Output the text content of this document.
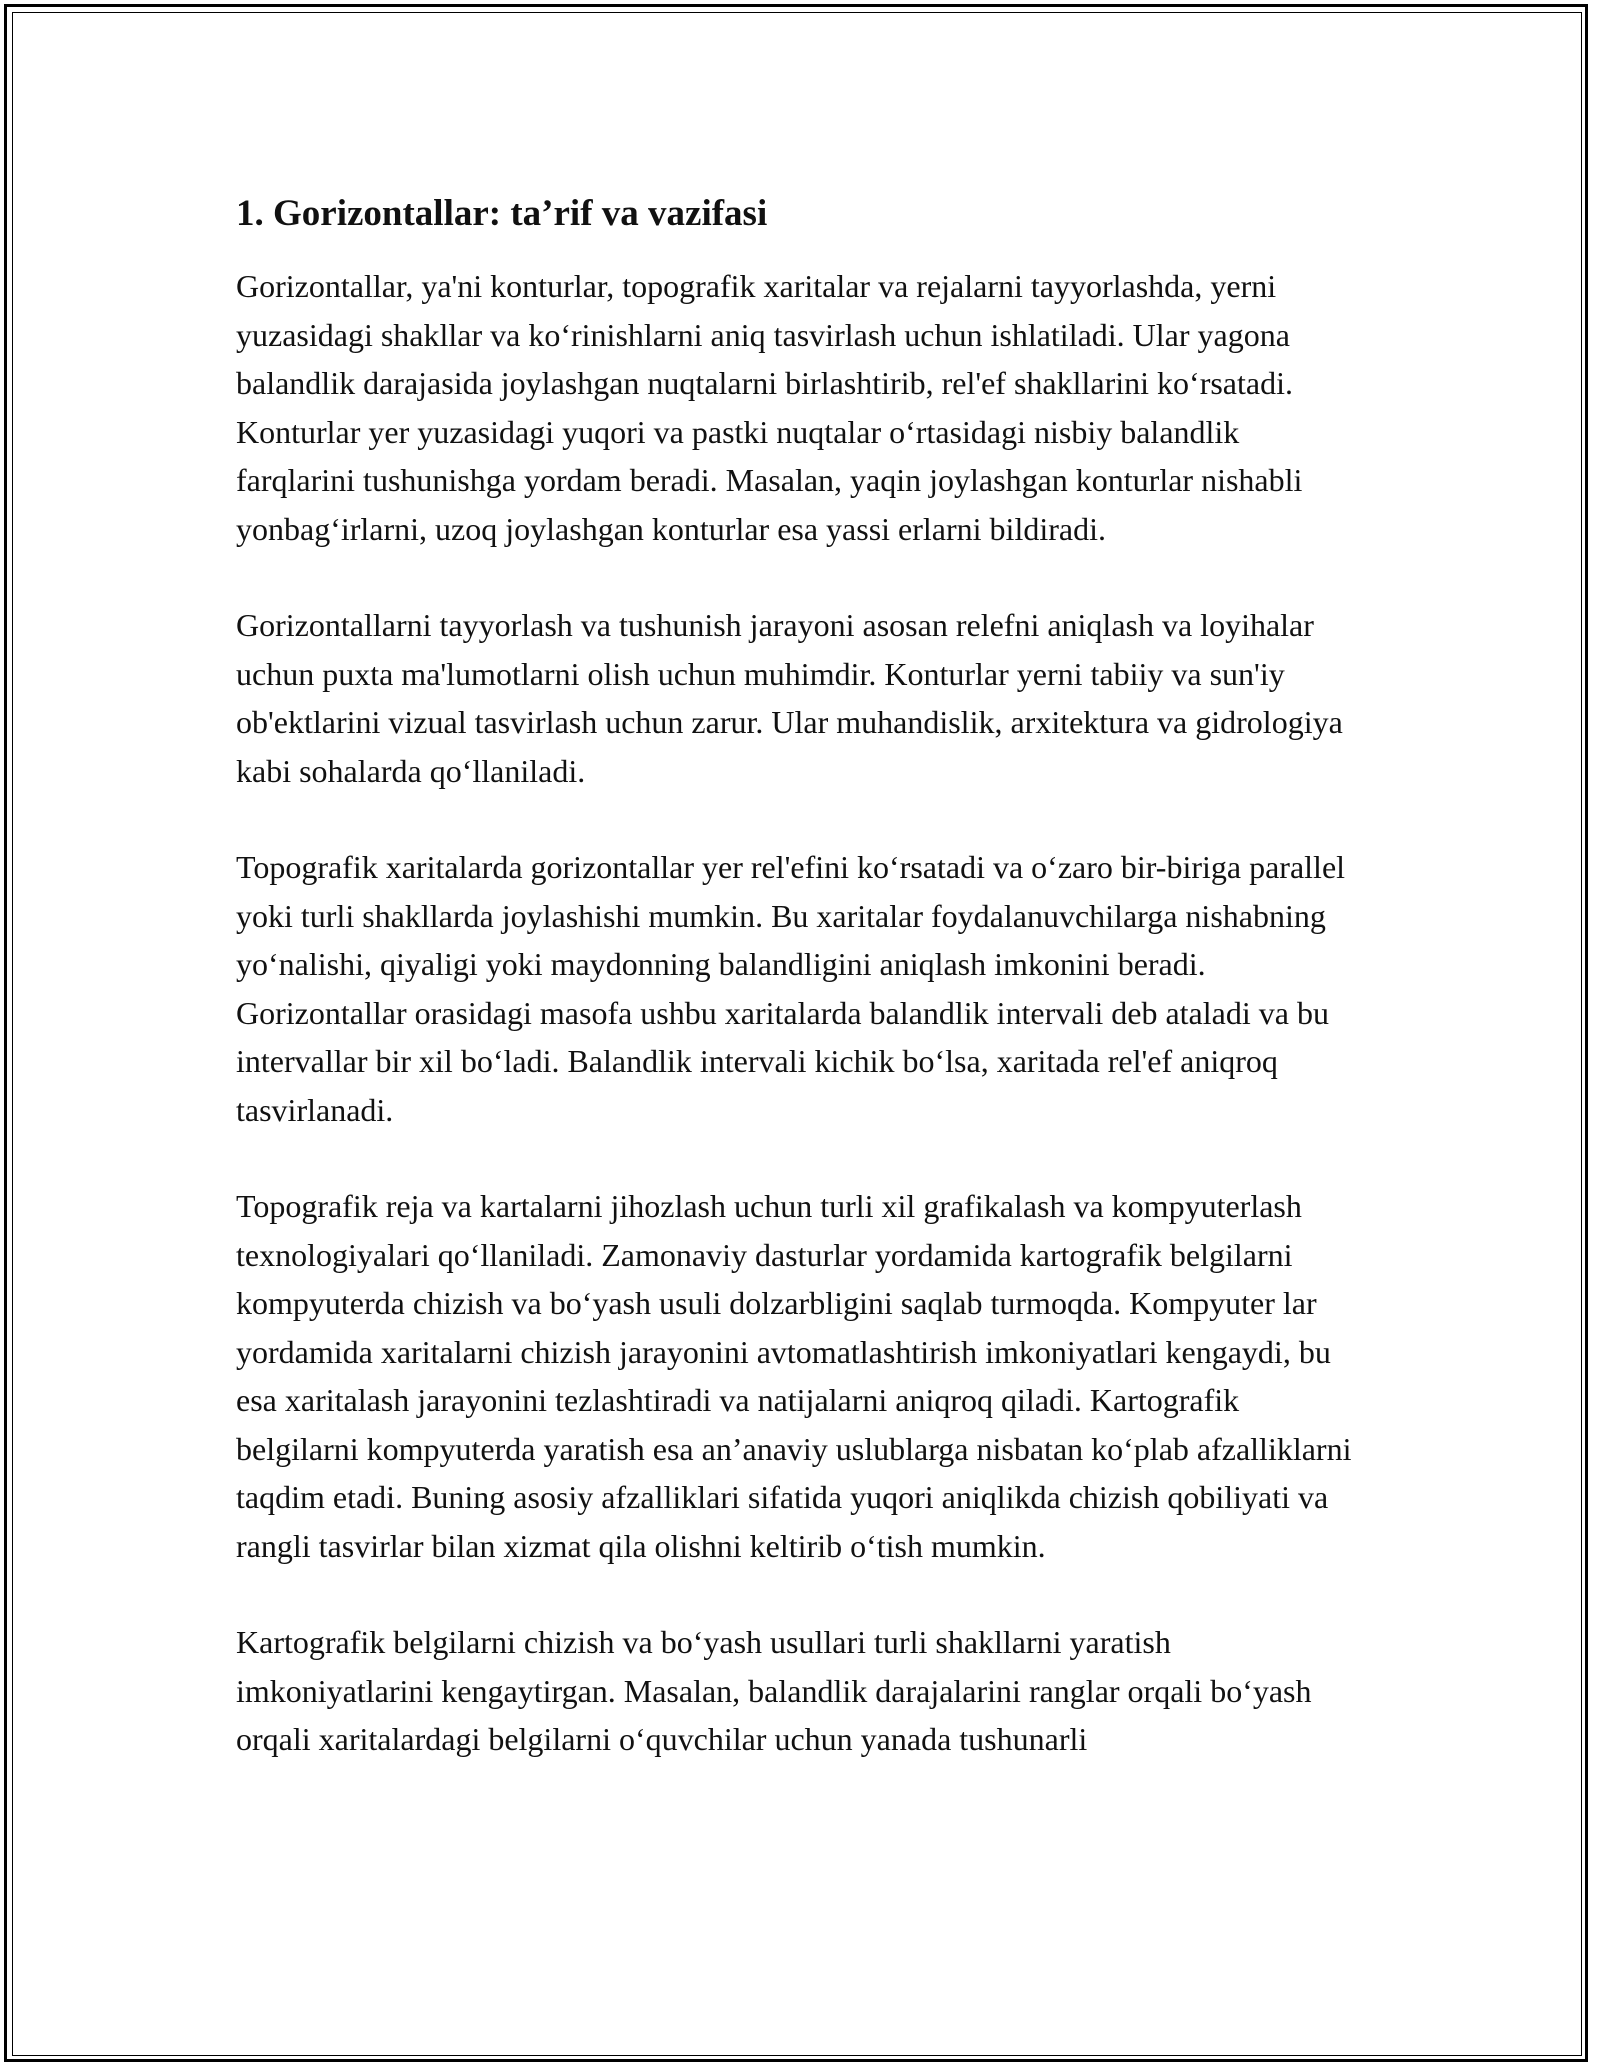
1. Gorizontallar: ta’rif va vazifasi

Gorizontallar, ya'ni konturlar, topografik xaritalar va rejalarni tayyorlashda, yerni yuzasidagi shakllar va ko‘rinishlarni aniq tasvirlash uchun ishlatiladi. Ular yagona balandlik darajasida joylashgan nuqtalarni birlashtirib, rel'ef shakllarini ko‘rsatadi. Konturlar yer yuzasidagi yuqori va pastki nuqtalar o‘rtasidagi nisbiy balandlik farqlarini tushunishga yordam beradi. Masalan, yaqin joylashgan konturlar nishabli yonbag‘irlarni, uzoq joylashgan konturlar esa yassi erlarni bildiradi.

Gorizontallarni tayyorlash va tushunish jarayoni asosan relefni aniqlash va loyihalar uchun puxta ma'lumotlarni olish uchun muhimdir. Konturlar yerni tabiiy va sun'iy ob'ektlarini vizual tasvirlash uchun zarur. Ular muhandislik, arxitektura va gidrologiya kabi sohalarda qo‘llaniladi.

Topografik xaritalarda gorizontallar yer rel'efini ko‘rsatadi va o‘zaro bir-biriga parallel yoki turli shakllarda joylashishi mumkin. Bu xaritalar foydalanuvchilarga nishabning yo‘nalishi, qiyaligi yoki maydonning balandligini aniqlash imkonini beradi. Gorizontallar orasidagi masofa ushbu xaritalarda balandlik intervali deb ataladi va bu intervallar bir xil bo‘ladi. Balandlik intervali kichik bo‘lsa, xaritada rel'ef aniqroq tasvirlanadi.

Topografik reja va kartalarni jihozlash uchun turli xil grafikalash va kompyuterlash texnologiyalari qo‘llaniladi. Zamonaviy dasturlar yordamida kartografik belgilarni kompyuterda chizish va bo‘yash usuli dolzarbligini saqlab turmoqda. Kompyuter lar yordamida xaritalarni chizish jarayonini avtomatlashtirish imkoniyatlari kengaydi, bu esa xaritalash jarayonini tezlashtiradi va natijalarni aniqroq qiladi. Kartografik belgilarni kompyuterda yaratish esa an’anaviy uslublarga nisbatan ko‘plab afzalliklarni taqdim etadi. Buning asosiy afzalliklari sifatida yuqori aniqlikda chizish qobiliyati va rangli tasvirlar bilan xizmat qila olishni keltirib o‘tish mumkin.

Kartografik belgilarni chizish va bo‘yash usullari turli shakllarni yaratish imkoniyatlarini kengaytirgan. Masalan, balandlik darajalarini ranglar orqali bo‘yash orqali xaritalardagi belgilarni o‘quvchilar uchun yanada tushunarli
